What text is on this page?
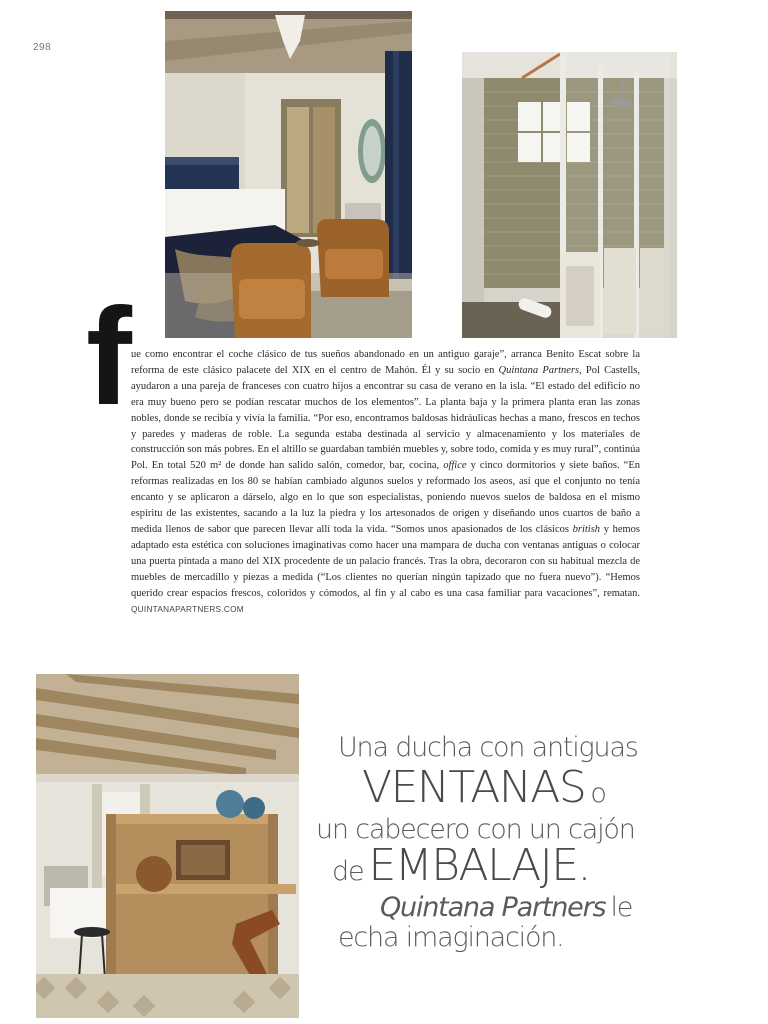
298
f ue como encontrar el coche clásico de tus sueños abandonado en un antiguo garaje”, arranca Benito Escat sobre la reforma de este clásico palacete del XIX en el centro de Mahón. Él y su socio en Quintana Partners, Pol Castells, ayudaron a una pareja de franceses con cuatro hijos a encontrar su casa de verano en la isla. “El estado del edificio no era muy bueno pero se podían rescatar muchos de los elementos”. La planta baja y la primera planta eran las zonas nobles, donde se recibía y vivía la familia. “Por eso, encontramos baldosas hidráulicas hechas a mano, frescos en techos y paredes y maderas de roble. La segunda estaba destinada al servicio y almacenamiento y los materiales de construcción son más pobres. En el altillo se guardaban también muebles y, sobre todo, comida y es muy rural”, continúa Pol. En total 520 m² de donde han salido salón, comedor, bar, cocina, office y cinco dormitorios y siete baños. “En reformas realizadas en los 80 se habían cambiado algunos suelos y reformado los aseos, así que el conjunto no tenía encanto y se aplicaron a dárselo, algo en lo que son especialistas, poniendo nuevos suelos de baldosa en el mismo espíritu de las existentes, sacando a la luz la piedra y los artesonados de origen y diseñando unos cuartos de baño a medida llenos de sabor que parecen llevar allí toda la vida. “Somos unos apasionados de los clásicos british y hemos adaptado esta estética con soluciones imaginativas como hacer una mampara de ducha con ventanas antiguas o colocar una puerta pintada a mano del XIX procedente de un palacio francés. Tras la obra, decoraron con su habitual mezcla de muebles de mercadillo y piezas a medida (“Los clientes no querían ningún tapizado que no fuera nuevo”). “Hemos querido crear espacios frescos, coloridos y cómodos, al fin y al cabo es una casa familiar para vacaciones”, rematan. QUINTANAPARTNERS.COM

Una ducha con antiguas
VENTANAS o
un cabecero con un cajón
de EMBALAJE.
Quintana Partners le
echa imaginación.
